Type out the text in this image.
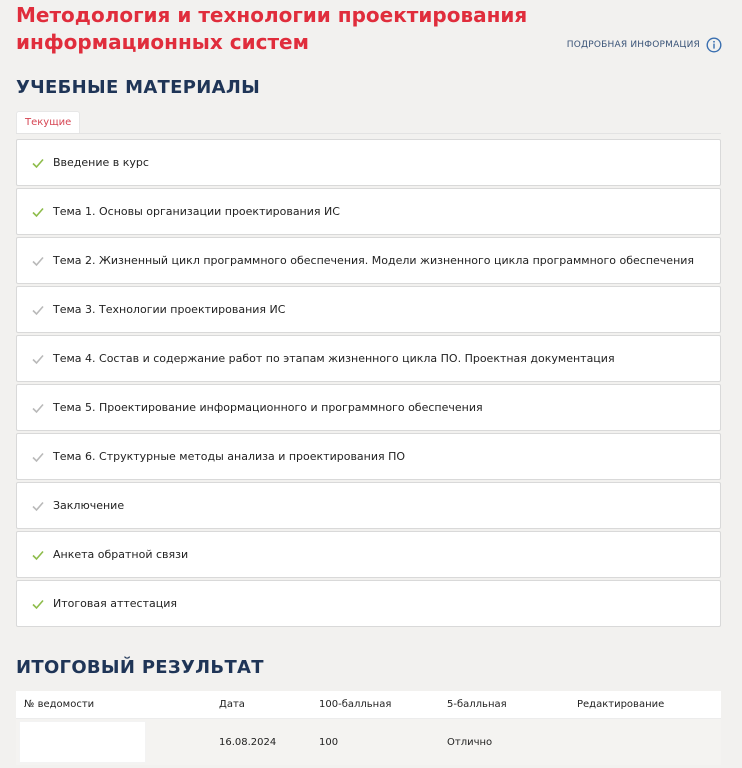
Методология и технологии проектирования информационных систем	ПОДРОБНАЯ ИНФОРМАЦИЯ
УЧЕБНЫЕ МАТЕРИАЛЫ
Текущие
Введение в курс
Тема 1. Основы организации проектирования ИС
Тема 2. Жизненный цикл программного обеспечения. Модели жизненного цикла программного обеспечения
Тема 3. Технологии проектирования ИС
Тема 4. Состав и содержание работ по этапам жизненного цикла ПО. Проектная документация
Тема 5. Проектирование информационного и программного обеспечения
Тема 6. Структурные методы анализа и проектирования ПО
Заключение
Анкета обратной связи
Итоговая аттестация
ИТОГОВЫЙ РЕЗУЛЬТАТ
№ ведомости	Дата	100-балльная	5-балльная	Редактирование

	16.08.2024	100	Отлично	
